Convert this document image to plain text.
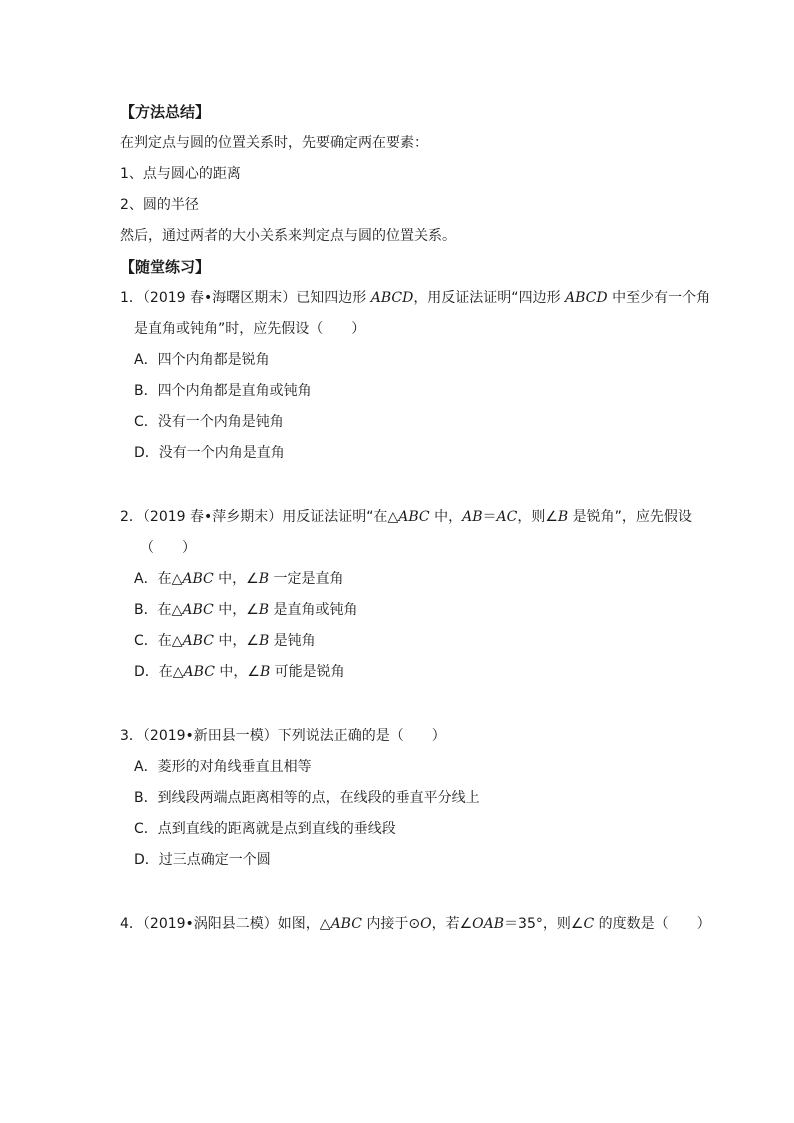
【方法总结】
在判定点与圆的位置关系时，先要确定两在要素：
1、点与圆心的距离
2、圆的半径
然后，通过两者的大小关系来判定点与圆的位置关系。
【随堂练习】
1．（2019 春•海曙区期末）已知四边形 ABCD，用反证法证明“四边形 ABCD 中至少有一个角
是直角或钝角”时，应先假设（　　）
A．四个内角都是锐角
B．四个内角都是直角或钝角
C．没有一个内角是钝角
D．没有一个内角是直角
2．（2019 春•萍乡期末）用反证法证明“在△ABC 中，AB＝AC，则∠B 是锐角”，应先假设
（　　）
A．在△ABC 中，∠B 一定是直角
B．在△ABC 中，∠B 是直角或钝角
C．在△ABC 中，∠B 是钝角
D．在△ABC 中，∠B 可能是锐角
3．（2019•新田县一模）下列说法正确的是（　　）
A．菱形的对角线垂直且相等
B．到线段两端点距离相等的点，在线段的垂直平分线上
C．点到直线的距离就是点到直线的垂线段
D．过三点确定一个圆
4．（2019•涡阳县二模）如图，△ABC 内接于⊙O，若∠OAB＝35°，则∠C 的度数是（　　）
